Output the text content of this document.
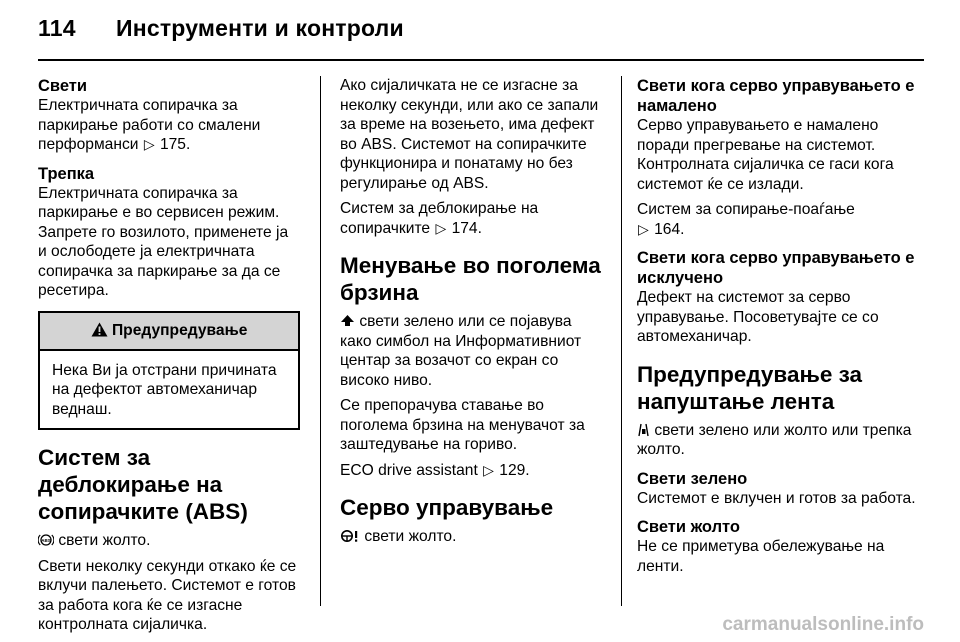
114 Инструменти и контроли
Свети

Електричната сопирачка за паркирање работи со смалени перформанси ▷ 175.

Трепка

Електричната сопирачка за паркирање е во сервисен режим. Запрете го возилото, применете ја и ослободете ја електричната сопирачка за паркирање за да се ресетира.

Предупредување

Нека Ви ја отстрани причината на дефектот автомеханичар веднаш.

Систем за деблокирање на сопирачките (ABS)

ABS свети жолто.

Свети неколку секунди откако ќе се вклучи палењето. Системот е готов за работа кога ќе се изгасне контролната сијаличка.

Ако сијаличката не се изгасне за неколку секунди, или ако се запали за време на возењето, има дефект во ABS. Системот на сопирачките функционира и понатаму но без регулирање од ABS.

Систем за деблокирање на сопирачките ▷ 174.

Менување во поголема брзина

свети зелено или се појавува како симбол на Информативниот центар за возачот со екран со високо ниво.

Се препорачува ставање во поголема брзина на менувачот за заштедување на гориво.

ECO drive assistant ▷ 129.

Серво управување

свети жолто.

Свети кога серво управувањето е намалено

Серво управувањето е намалено поради прегревање на системот. Контролната сијаличка се гаси кога системот ќе се излади.

Систем за сопирање-поаѓање
▷ 164.

Свети кога серво управувањето е исклучено

Дефект на системот за серво управување. Посоветувајте се со автомеханичар.

Предупредување за напуштање лента

свети зелено или жолто или трепка жолто.

Свети зелено

Системот е вклучен и готов за работа.

Свети жолто

Не се приметува обележување на ленти.

carmanualsonline.info
